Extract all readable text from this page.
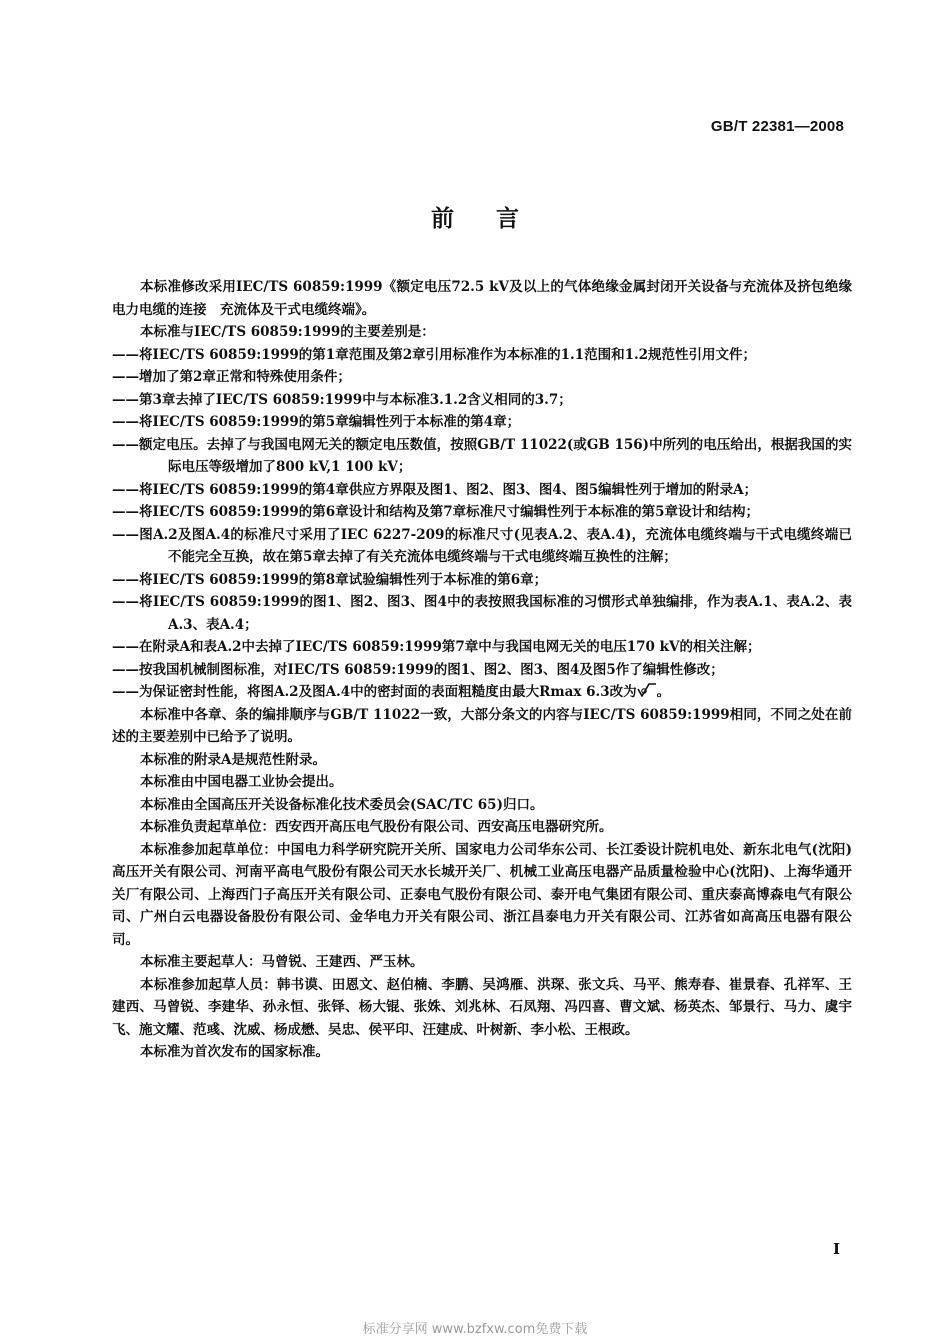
GB/T 22381—2008
前言

本标准修改采用IEC/TS 60859:1999《额定电压72.5 kV及以上的气体绝缘金属封闭开关设备与充流体及挤包绝缘电力电缆的连接　充流体及干式电缆终端》。

本标准与IEC/TS 60859:1999的主要差别是：

——将IEC/TS 60859:1999的第1章范围及第2章引用标准作为本标准的1.1范围和1.2规范性引用文件；

——增加了第2章正常和特殊使用条件；

——第3章去掉了IEC/TS 60859:1999中与本标准3.1.2含义相同的3.7；

——将IEC/TS 60859:1999的第5章编辑性列于本标准的第4章；

——额定电压。去掉了与我国电网无关的额定电压数值，按照GB/T 11022(或GB 156)中所列的电压给出，根据我国的实际电压等级增加了800 kV,1 100 kV；

——将IEC/TS 60859:1999的第4章供应方界限及图1、图2、图3、图4、图5编辑性列于增加的附录A；

——将IEC/TS 60859:1999的第6章设计和结构及第7章标准尺寸编辑性列于本标准的第5章设计和结构；

——图A.2及图A.4的标准尺寸采用了IEC 6227-209的标准尺寸(见表A.2、表A.4)，充流体电缆终端与干式电缆终端已不能完全互换，故在第5章去掉了有关充流体电缆终端与干式电缆终端互换性的注解；

——将IEC/TS 60859:1999的第8章试验编辑性列于本标准的第6章；

——将IEC/TS 60859:1999的图1、图2、图3、图4中的表按照我国标准的习惯形式单独编排，作为表A.1、表A.2、表A.3、表A.4；

——在附录A和表A.2中去掉了IEC/TS 60859:1999第7章中与我国电网无关的电压170 kV的相关注解；

——按我国机械制图标准，对IEC/TS 60859:1999的图1、图2、图3、图4及图5作了编辑性修改；

——为保证密封性能，将图A.2及图A.4中的密封面的表面粗糙度由最大Rmax 6.3改为 。

本标准中各章、条的编排顺序与GB/T 11022一致，大部分条文的内容与IEC/TS 60859:1999相同，不同之处在前述的主要差别中已给予了说明。

本标准的附录A是规范性附录。

本标准由中国电器工业协会提出。

本标准由全国高压开关设备标准化技术委员会(SAC/TC 65)归口。

本标准负责起草单位：西安西开高压电气股份有限公司、西安高压电器研究所。

本标准参加起草单位：中国电力科学研究院开关所、国家电力公司华东公司、长江委设计院机电处、新东北电气(沈阳)高压开关有限公司、河南平高电气股份有限公司天水长城开关厂、机械工业高压电器产品质量检验中心(沈阳)、上海华通开关厂有限公司、上海西门子高压开关有限公司、正泰电气股份有限公司、泰开电气集团有限公司、重庆泰高博森电气有限公司、广州白云电器设备股份有限公司、金华电力开关有限公司、浙江昌泰电力开关有限公司、江苏省如高高压电器有限公司。

本标准主要起草人：马曾锐、王建西、严玉林。

本标准参加起草人员：韩书谟、田恩文、赵伯楠、李鹏、吴鸿雁、洪琛、张文兵、马平、熊寿春、崔景春、孔祥军、王建西、马曾锐、李建华、孙永恒、张铎、杨大锟、张姝、刘兆林、石凤翔、冯四喜、曹文斌、杨英杰、邹景行、马力、虞宇飞、施文耀、范彧、沈威、杨成懋、吴忠、侯平印、汪建成、叶树新、李小松、王根政。

本标准为首次发布的国家标准。

I
标准分享网 www.bzfxw.com免费下载
